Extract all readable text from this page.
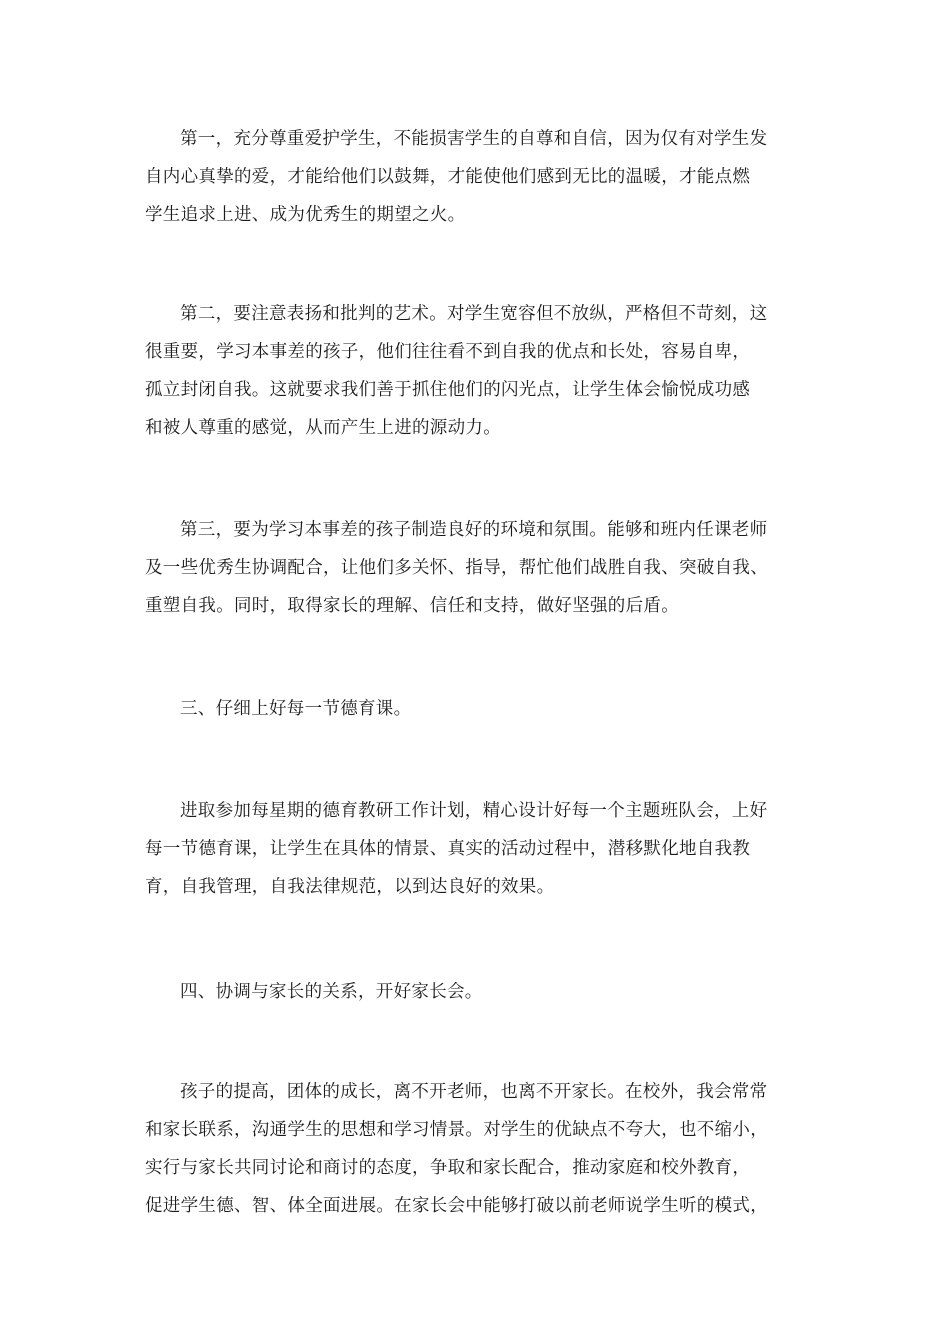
第一，充分尊重爱护学生，不能损害学生的自尊和自信，因为仅有对学生发
自内心真挚的爱，才能给他们以鼓舞，才能使他们感到无比的温暖，才能点燃
学生追求上进、成为优秀生的期望之火。
第二，要注意表扬和批判的艺术。对学生宽容但不放纵，严格但不苛刻，这
很重要，学习本事差的孩子，他们往往看不到自我的优点和长处，容易自卑，
孤立封闭自我。这就要求我们善于抓住他们的闪光点，让学生体会愉悦成功感
和被人尊重的感觉，从而产生上进的源动力。
第三，要为学习本事差的孩子制造良好的环境和氛围。能够和班内任课老师
及一些优秀生协调配合，让他们多关怀、指导，帮忙他们战胜自我、突破自我、
重塑自我。同时，取得家长的理解、信任和支持，做好坚强的后盾。
三、仔细上好每一节德育课。
进取参加每星期的德育教研工作计划，精心设计好每一个主题班队会，上好
每一节德育课，让学生在具体的情景、真实的活动过程中，潜移默化地自我教
育，自我管理，自我法律规范，以到达良好的效果。
四、协调与家长的关系，开好家长会。
孩子的提高，团体的成长，离不开老师，也离不开家长。在校外，我会常常
和家长联系，沟通学生的思想和学习情景。对学生的优缺点不夸大，也不缩小，
实行与家长共同讨论和商讨的态度，争取和家长配合，推动家庭和校外教育，
促进学生德、智、体全面进展。在家长会中能够打破以前老师说学生听的模式，
